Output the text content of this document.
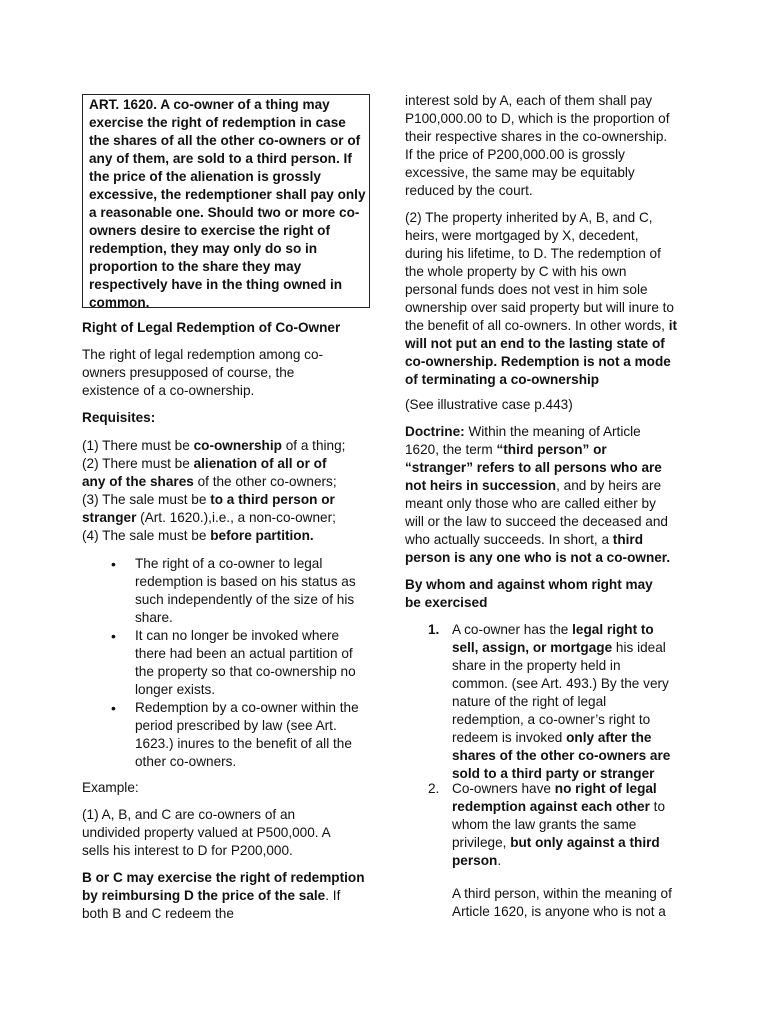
ART. 1620. A co-owner of a thing may exercise the right of redemption in case the shares of all the other co-owners or of any of them, are sold to a third person. If the price of the alienation is grossly excessive, the redemptioner shall pay only a reasonable one. Should two or more co-owners desire to exercise the right of redemption, they may only do so in proportion to the share they may respectively have in the thing owned in common.

Right of Legal Redemption of Co-Owner

The right of legal redemption among co-owners presupposed of course, the existence of a co-ownership.

Requisites:

(1) There must be co-ownership of a thing;
(2) There must be alienation of all or of any of the shares of the other co-owners;
(3) The sale must be to a third person or stranger (Art. 1620.),i.e., a non-co-owner;
(4) The sale must be before partition.
• The right of a co-owner to legal redemption is based on his status as such independently of the size of his share.
• It can no longer be invoked where there had been an actual partition of the property so that co-ownership no longer exists.
• Redemption by a co-owner within the period prescribed by law (see Art. 1623.) inures to the benefit of all the other co-owners.

Example:

(1) A, B, and C are co-owners of an undivided property valued at P500,000. A sells his interest to D for P200,000.

B or C may exercise the right of redemption by reimbursing D the price of the sale. If both B and C redeem the

interest sold by A, each of them shall pay P100,000.00 to D, which is the proportion of their respective shares in the co-ownership. If the price of P200,000.00 is grossly excessive, the same may be equitably reduced by the court.

(2) The property inherited by A, B, and C, heirs, were mortgaged by X, decedent, during his lifetime, to D. The redemption of the whole property by C with his own personal funds does not vest in him sole ownership over said property but will inure to the benefit of all co-owners. In other words, it will not put an end to the lasting state of co-ownership. Redemption is not a mode of terminating a co-ownership

(See illustrative case p.443)

Doctrine: Within the meaning of Article 1620, the term “third person” or “stranger” refers to all persons who are not heirs in succession, and by heirs are meant only those who are called either by will or the law to succeed the deceased and who actually succeeds. In short, a third person is any one who is not a co-owner.

By whom and against whom right may be exercised

1. A co-owner has the legal right to sell, assign, or mortgage his ideal share in the property held in common. (see Art. 493.) By the very nature of the right of legal redemption, a co-owner’s right to redeem is invoked only after the shares of the other co-owners are sold to a third party or stranger
2. Co-owners have no right of legal redemption against each other to whom the law grants the same privilege, but only against a third person.

A third person, within the meaning of Article 1620, is anyone who is not a
